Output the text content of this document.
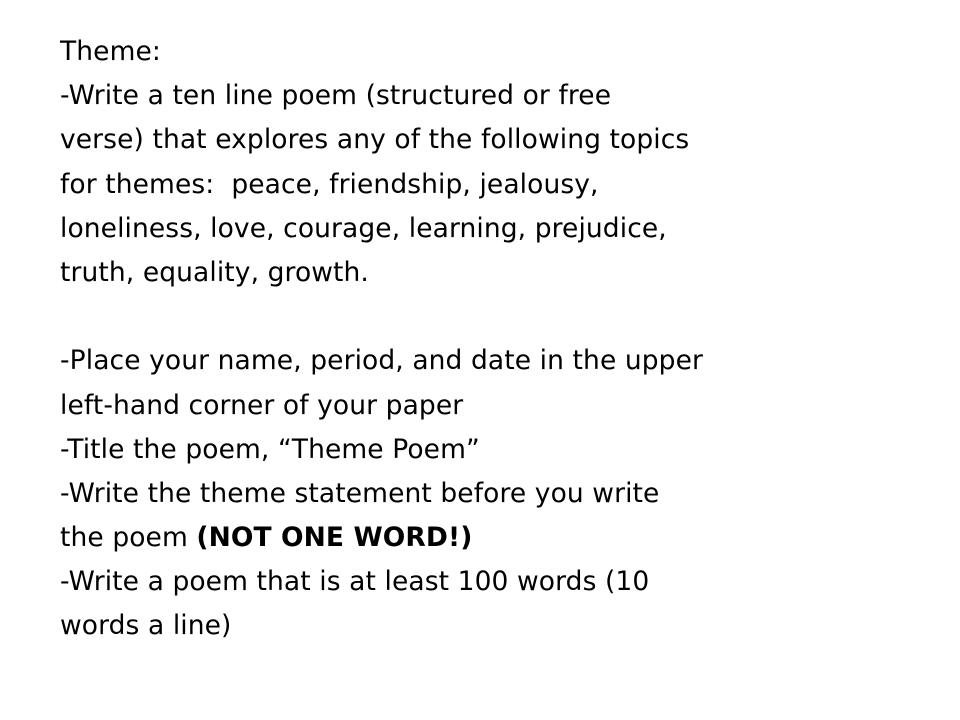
Theme:
-Write a ten line poem (structured or free
verse) that explores any of the following topics
for themes:  peace, friendship, jealousy,
loneliness, love, courage, learning, prejudice,
truth, equality, growth.
-Place your name, period, and date in the upper
left-hand corner of your paper
-Title the poem, “Theme Poem”
-Write the theme statement before you write
the poem (NOT ONE WORD!)
-Write a poem that is at least 100 words (10
words a line)
